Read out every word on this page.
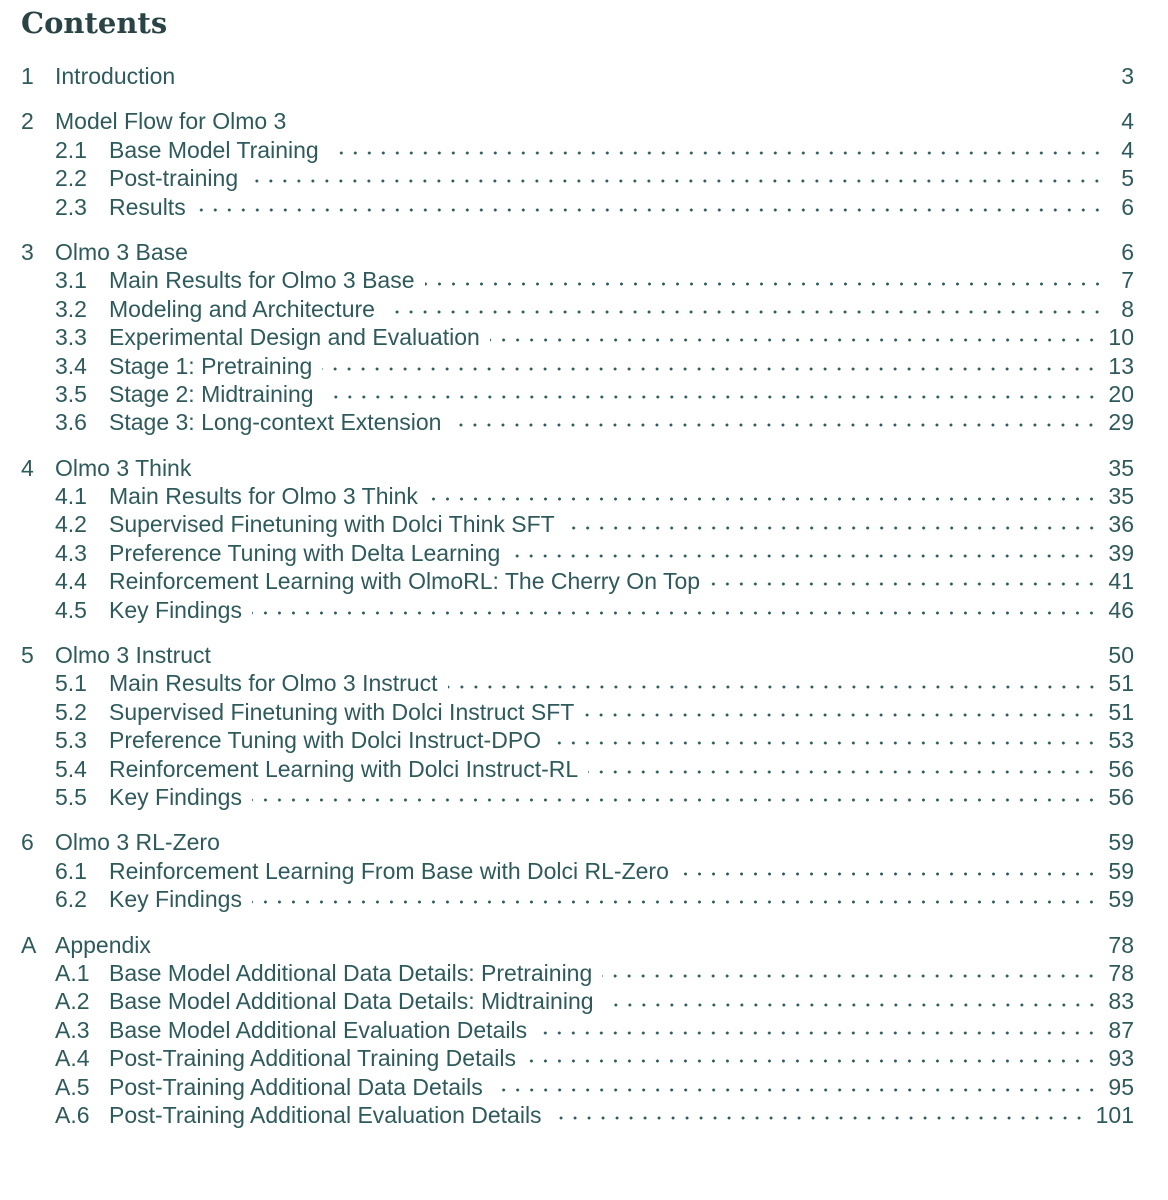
Contents
1 Introduction	3
2 Model Flow for Olmo 3	4
2.1 Base Model Training	4
2.2 Post-training	5
2.3 Results	6
3 Olmo 3 Base	6
3.1 Main Results for Olmo 3 Base	7
3.2 Modeling and Architecture	8
3.3 Experimental Design and Evaluation	10
3.4 Stage 1: Pretraining	13
3.5 Stage 2: Midtraining	20
3.6 Stage 3: Long-context Extension	29
4 Olmo 3 Think	35
4.1 Main Results for Olmo 3 Think	35
4.2 Supervised Finetuning with Dolci Think SFT	36
4.3 Preference Tuning with Delta Learning	39
4.4 Reinforcement Learning with OlmoRL: The Cherry On Top	41
4.5 Key Findings	46
5 Olmo 3 Instruct	50
5.1 Main Results for Olmo 3 Instruct	51
5.2 Supervised Finetuning with Dolci Instruct SFT	51
5.3 Preference Tuning with Dolci Instruct-DPO	53
5.4 Reinforcement Learning with Dolci Instruct-RL	56
5.5 Key Findings	56
6 Olmo 3 RL-Zero	59
6.1 Reinforcement Learning From Base with Dolci RL-Zero	59
6.2 Key Findings	59
A Appendix	78
A.1 Base Model Additional Data Details: Pretraining	78
A.2 Base Model Additional Data Details: Midtraining	83
A.3 Base Model Additional Evaluation Details	87
A.4 Post-Training Additional Training Details	93
A.5 Post-Training Additional Data Details	95
A.6 Post-Training Additional Evaluation Details	101
